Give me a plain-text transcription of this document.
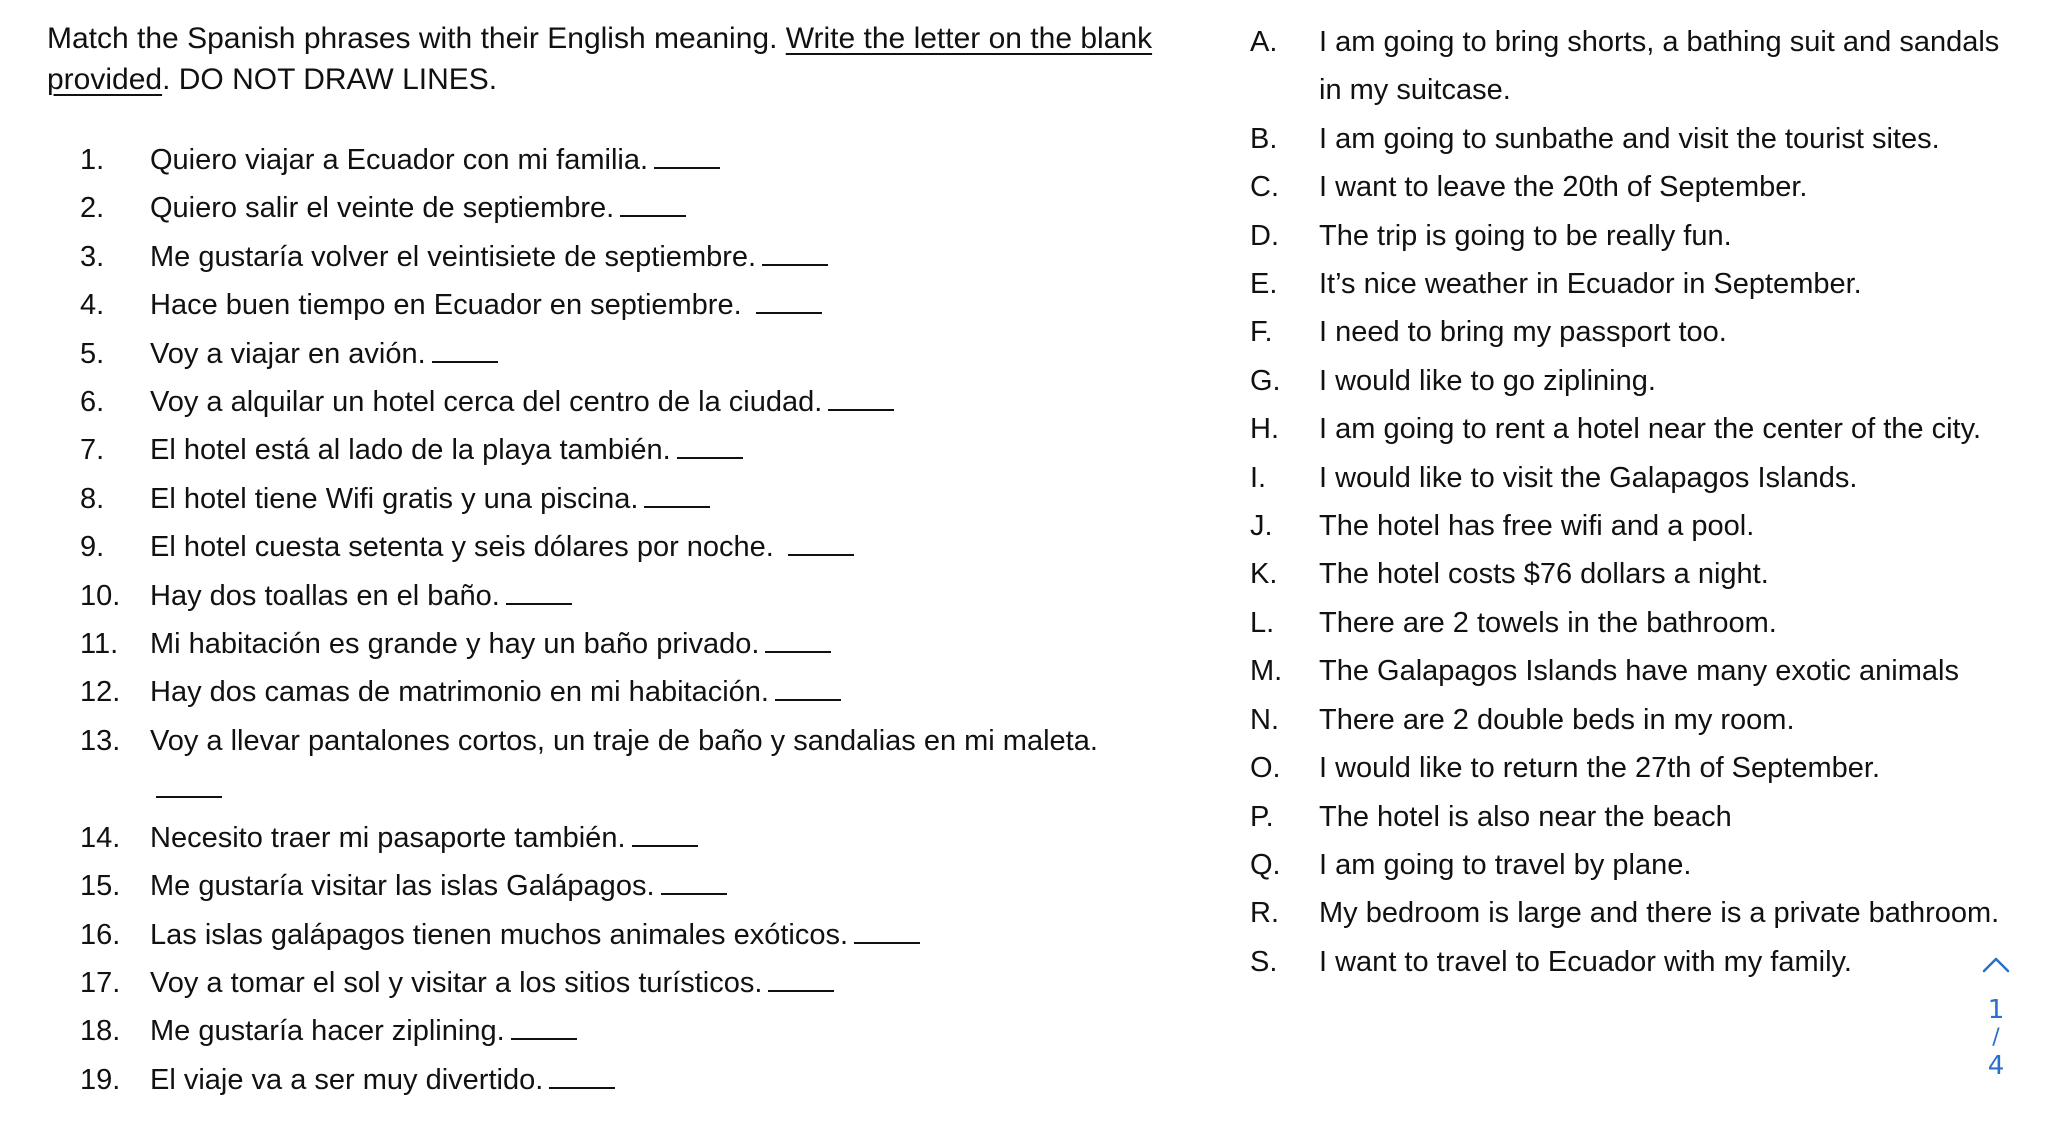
Match the Spanish phrases with their English meaning. Write the letter on the blank provided. DO NOT DRAW LINES.

1.	Quiero viajar a Ecuador con mi familia.
2.	Quiero salir el veinte de septiembre.
3.	Me gustaría volver el veintisiete de septiembre.
4.	Hace buen tiempo en Ecuador en septiembre.
5.	Voy a viajar en avión.
6.	Voy a alquilar un hotel cerca del centro de la ciudad.
7.	El hotel está al lado de la playa también.
8.	El hotel tiene Wifi gratis y una piscina.
9.	El hotel cuesta setenta y seis dólares por noche.
10.	Hay dos toallas en el baño.
11.	Mi habitación es grande y hay un baño privado.
12.	Hay dos camas de matrimonio en mi habitación.
13.	Voy a llevar pantalones cortos, un traje de baño y sandalias en mi maleta.
14.	Necesito traer mi pasaporte también.
15.	Me gustaría visitar las islas Galápagos.
16.	Las islas galápagos tienen muchos animales exóticos.
17.	Voy a tomar el sol y visitar a los sitios turísticos.
18.	Me gustaría hacer ziplining.
19.	El viaje va a ser muy divertido.
A.	I am going to bring shorts, a bathing suit and sandals in my suitcase.
B.	I am going to sunbathe and visit the tourist sites.
C.	I want to leave the 20th of September.
D.	The trip is going to be really fun.
E.	It’s nice weather in Ecuador in September.
F.	I need to bring my passport too.
G.	I would like to go ziplining.
H.	I am going to rent a hotel near the center of the city.
I.	I would like to visit the Galapagos Islands.
J.	The hotel has free wifi and a pool.
K.	The hotel costs $76 dollars a night.
L.	There are 2 towels in the bathroom.
M.	The Galapagos Islands have many exotic animals
N.	There are 2 double beds in my room.
O.	I would like to return the 27th of September.
P.	The hotel is also near the beach
Q.	I am going to travel by plane.
R.	My bedroom is large and there is a private bathroom.
S.	I want to travel to Ecuador with my family.
1
/
4
